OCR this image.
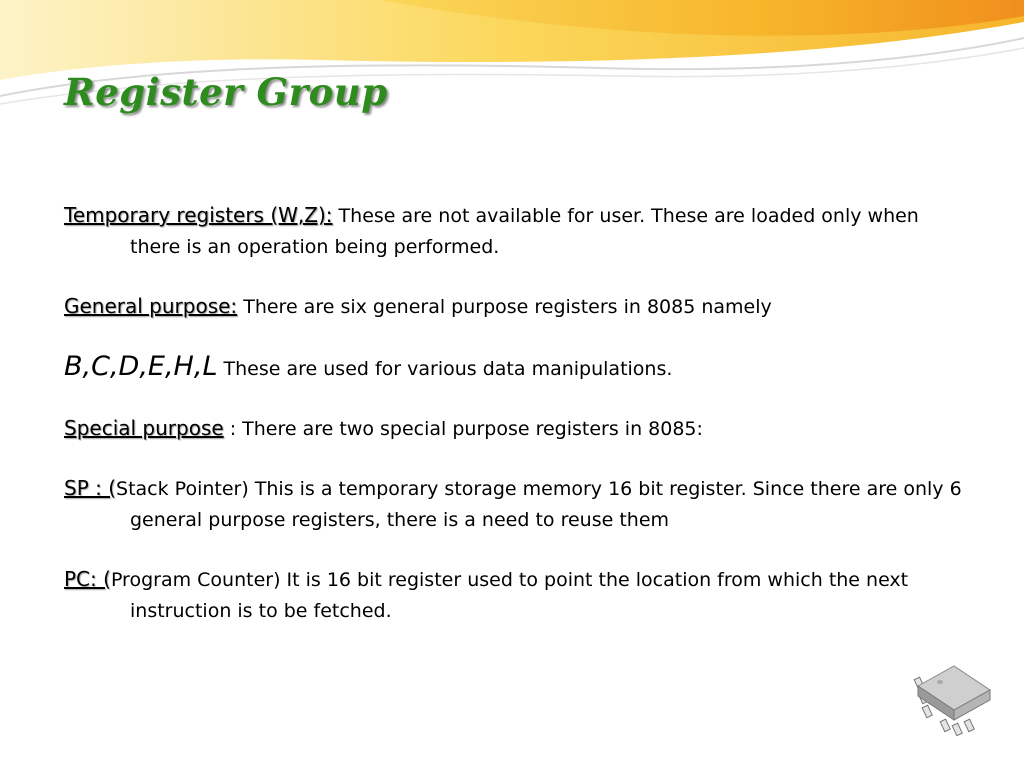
Register Group

Temporary registers (W,Z): These are not available for user. These are loaded only when there is an operation being performed.

General purpose: There are six general purpose registers in 8085 namely

B,C,D,E,H,L These are used for various data manipulations.

Special purpose : There are two special purpose registers in 8085:

SP : (Stack Pointer) This is a temporary storage memory 16 bit register. Since there are only 6 general purpose registers, there is a need to reuse them

PC: (Program Counter) It is 16 bit register used to point the location from which the next instruction is to be fetched.
